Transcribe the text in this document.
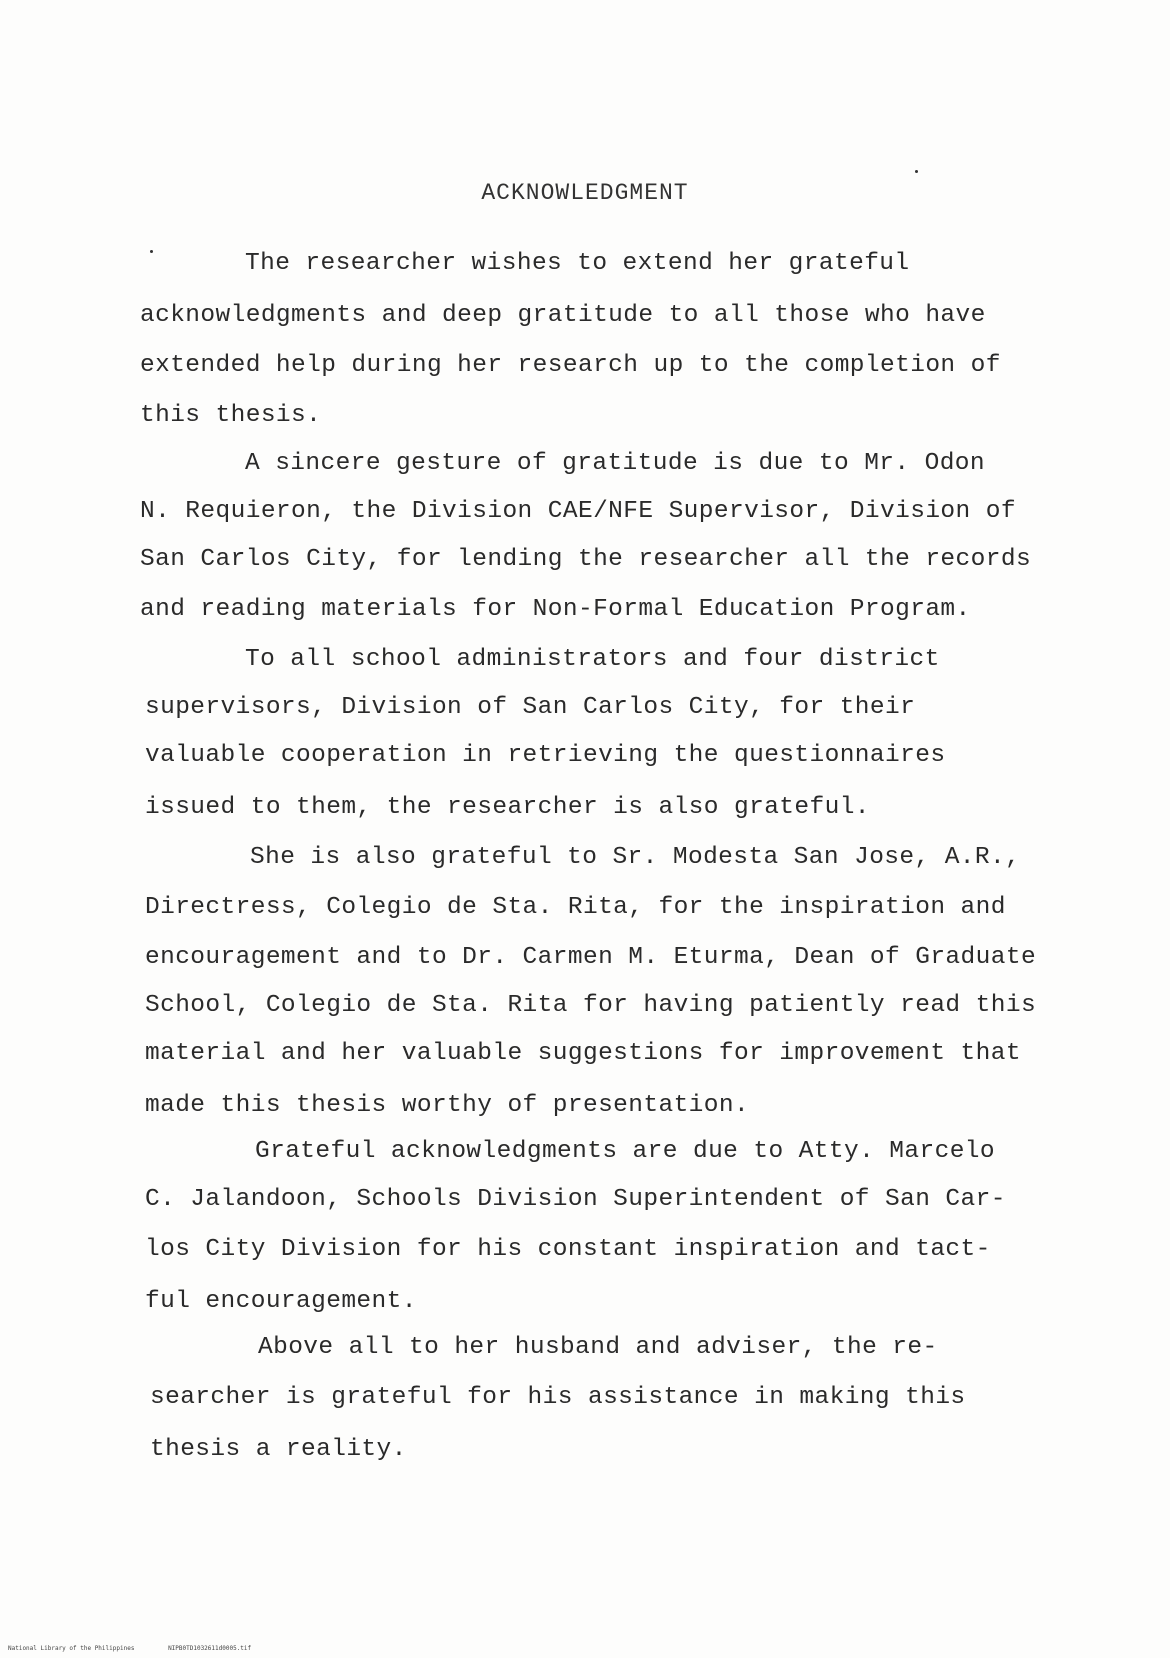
ACKNOWLEDGMENT
The researcher wishes to extend her grateful
acknowledgments and deep gratitude to all those who have
extended help during her research up to the completion of
this thesis.
A sincere gesture of gratitude is due to Mr. Odon
N. Requieron, the Division CAE/NFE Supervisor, Division of
San Carlos City, for lending the researcher all the records
and reading materials for Non-Formal Education Program.
To all school administrators and four district
supervisors, Division of San Carlos City, for their
valuable cooperation in retrieving the questionnaires
issued to them, the researcher is also grateful.
She is also grateful to Sr. Modesta San Jose, A.R.,
Directress, Colegio de Sta. Rita, for the inspiration and
encouragement and to Dr. Carmen M. Eturma, Dean of Graduate
School, Colegio de Sta. Rita for having patiently read this
material and her valuable suggestions for improvement that
made this thesis worthy of presentation.
Grateful acknowledgments are due to Atty. Marcelo
C. Jalandoon, Schools Division Superintendent of San Car-
los City Division for his constant inspiration and tact-
ful encouragement.
Above all to her husband and adviser, the re-
searcher is grateful for his assistance in making this
thesis a reality.
National Library of the Philippines	NIPB0TD1032611d0005.tif
